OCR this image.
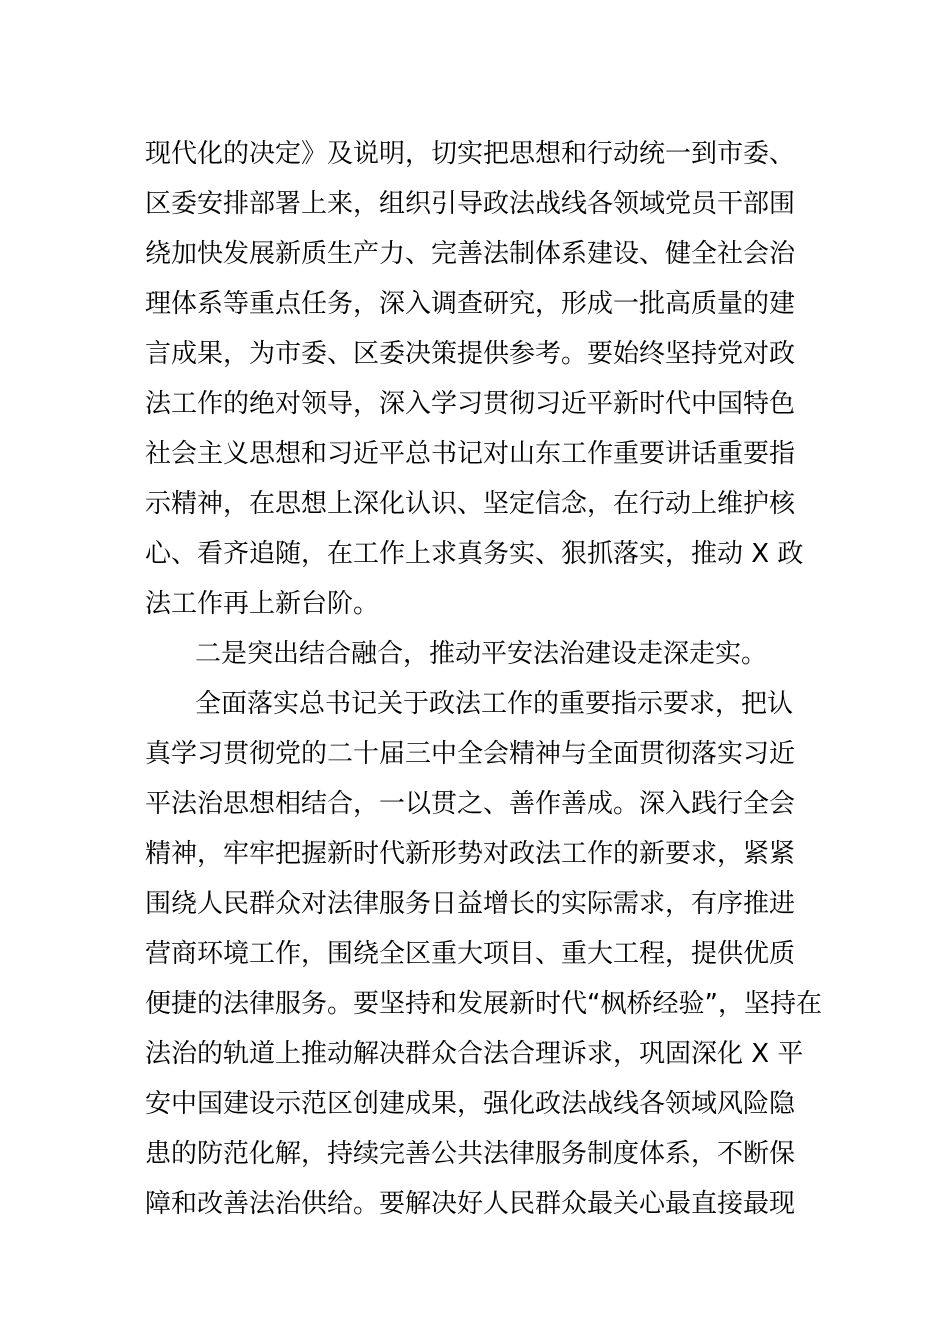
现代化的决定》及说明，切实把思想和行动统一到市委、
区委安排部署上来，组织引导政法战线各领域党员干部围
绕加快发展新质生产力、完善法制体系建设、健全社会治
理体系等重点任务，深入调查研究，形成一批高质量的建
言成果，为市委、区委决策提供参考。要始终坚持党对政
法工作的绝对领导，深入学习贯彻习近平新时代中国特色
社会主义思想和习近平总书记对山东工作重要讲话重要指
示精神，在思想上深化认识、坚定信念，在行动上维护核
心、看齐追随，在工作上求真务实、狠抓落实，推动 X 政
法工作再上新台阶。
二是突出结合融合，推动平安法治建设走深走实。
全面落实总书记关于政法工作的重要指示要求，把认
真学习贯彻党的二十届三中全会精神与全面贯彻落实习近
平法治思想相结合，一以贯之、善作善成。深入践行全会
精神，牢牢把握新时代新形势对政法工作的新要求，紧紧
围绕人民群众对法律服务日益增长的实际需求，有序推进
营商环境工作，围绕全区重大项目、重大工程，提供优质
便捷的法律服务。要坚持和发展新时代“枫桥经验”，坚持在
法治的轨道上推动解决群众合法合理诉求，巩固深化 X 平
安中国建设示范区创建成果，强化政法战线各领域风险隐
患的防范化解，持续完善公共法律服务制度体系，不断保
障和改善法治供给。要解决好人民群众最关心最直接最现
